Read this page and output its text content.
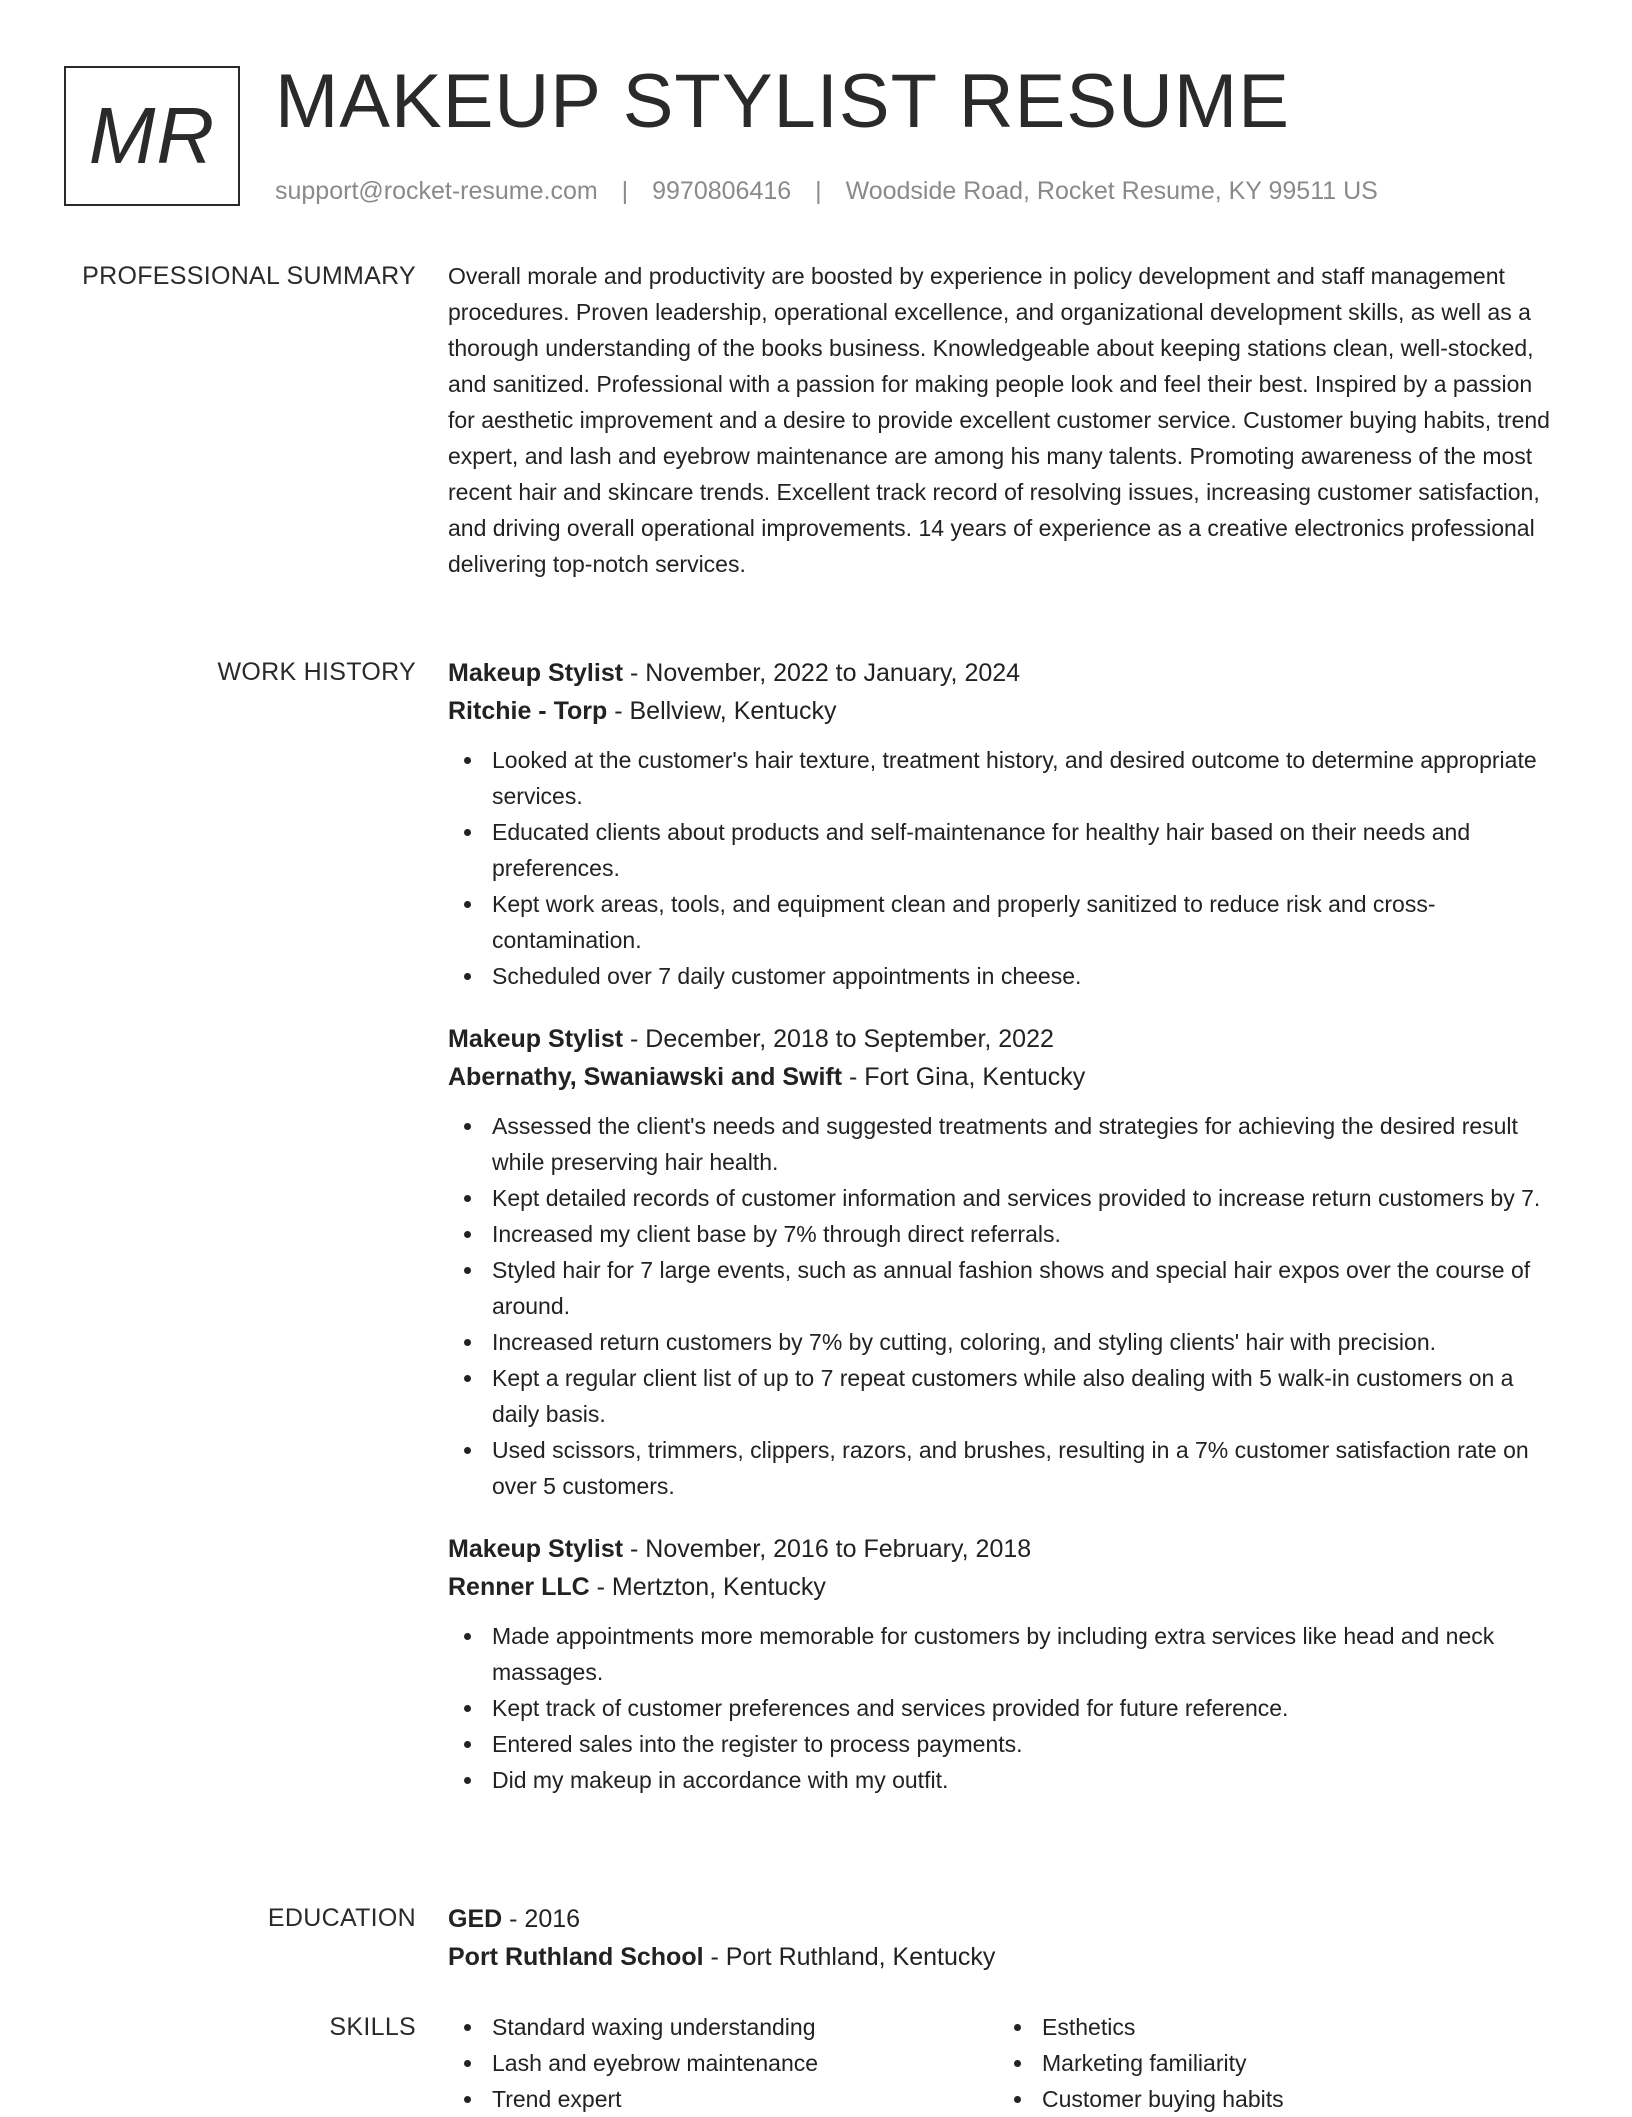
MR MAKEUP STYLIST RESUME
support@rocket-resume.com | 9970806416 | Woodside Road, Rocket Resume, KY 99511 US
PROFESSIONAL SUMMARY Overall morale and productivity are boosted by experience in policy development and staff management procedures. Proven leadership, operational excellence, and organizational development skills, as well as a thorough understanding of the books business. Knowledgeable about keeping stations clean, well-stocked, and sanitized. Professional with a passion for making people look and feel their best. Inspired by a passion for aesthetic improvement and a desire to provide excellent customer service. Customer buying habits, trend expert, and lash and eyebrow maintenance are among his many talents. Promoting awareness of the most recent hair and skincare trends. Excellent track record of resolving issues, increasing customer satisfaction, and driving overall operational improvements. 14 years of experience as a creative electronics professional delivering top-notch services.

WORK HISTORY Makeup Stylist - November, 2022 to January, 2024
Ritchie - Torp - Bellview, Kentucky
Looked at the customer's hair texture, treatment history, and desired outcome to determine appropriate services.
Educated clients about products and self-maintenance for healthy hair based on their needs and preferences.
Kept work areas, tools, and equipment clean and properly sanitized to reduce risk and cross-contamination.
Scheduled over 7 daily customer appointments in cheese.
Makeup Stylist - December, 2018 to September, 2022
Abernathy, Swaniawski and Swift - Fort Gina, Kentucky
Assessed the client's needs and suggested treatments and strategies for achieving the desired result while preserving hair health.
Kept detailed records of customer information and services provided to increase return customers by 7.
Increased my client base by 7% through direct referrals.
Styled hair for 7 large events, such as annual fashion shows and special hair expos over the course of around.
Increased return customers by 7% by cutting, coloring, and styling clients' hair with precision.
Kept a regular client list of up to 7 repeat customers while also dealing with 5 walk-in customers on a daily basis.
Used scissors, trimmers, clippers, razors, and brushes, resulting in a 7% customer satisfaction rate on over 5 customers.
Makeup Stylist - November, 2016 to February, 2018
Renner LLC - Mertzton, Kentucky
Made appointments more memorable for customers by including extra services like head and neck massages.
Kept track of customer preferences and services provided for future reference.
Entered sales into the register to process payments.
Did my makeup in accordance with my outfit.
EDUCATION GED - 2016
Port Ruthland School - Port Ruthland, Kentucky
SKILLS	Standard waxing understanding
Lash and eyebrow maintenance
Trend expert
Esthetics
Marketing familiarity
Customer buying habits
